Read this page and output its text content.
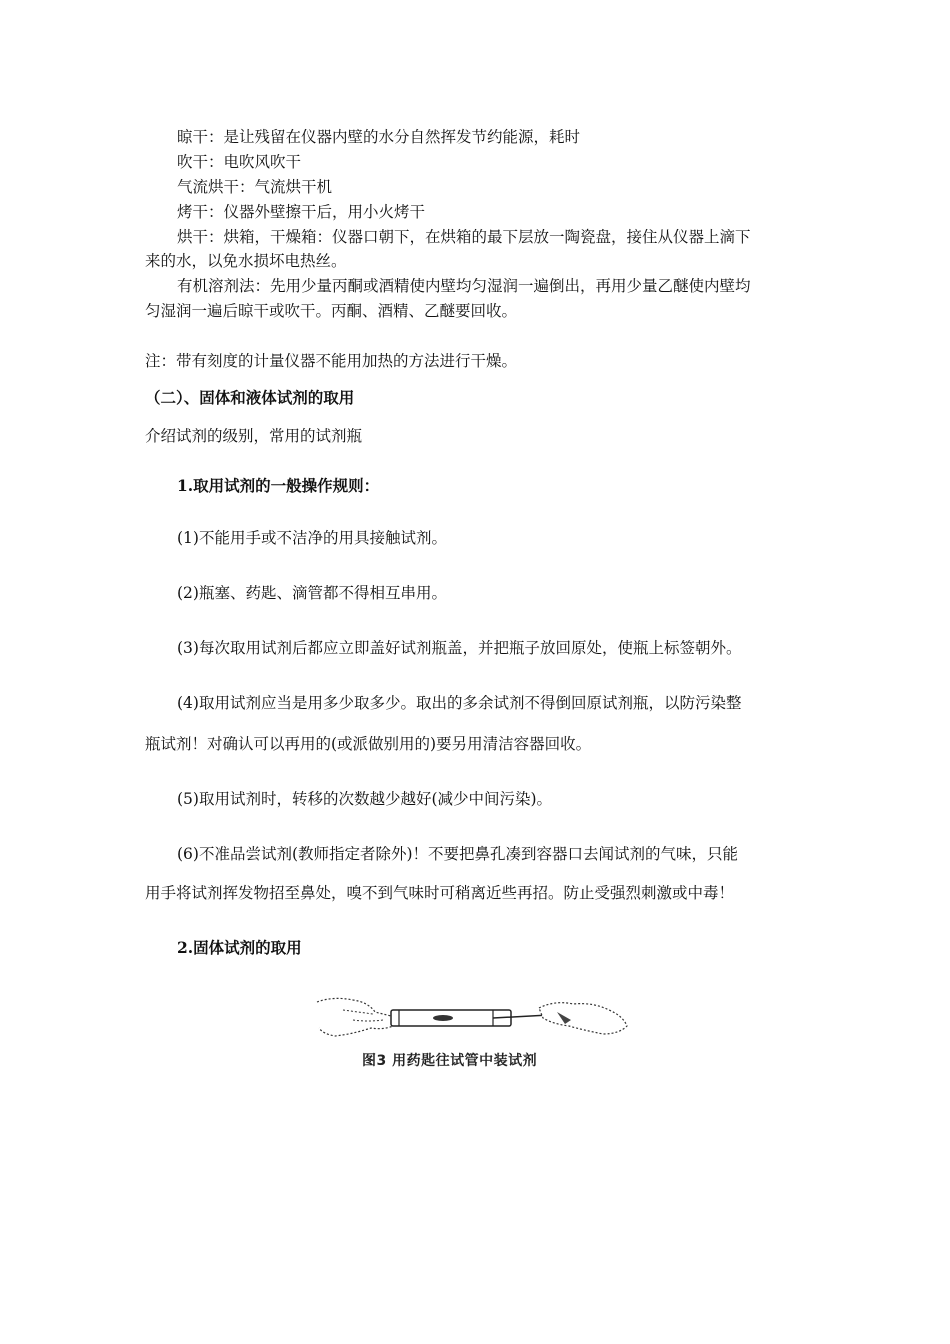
晾干：是让残留在仪器内壁的水分自然挥发节约能源，耗时
吹干：电吹风吹干
气流烘干：气流烘干机
烤干：仪器外壁擦干后，用小火烤干
烘干：烘箱，干燥箱：仪器口朝下，在烘箱的最下层放一陶瓷盘，接住从仪器上滴下
来的水，以免水损坏电热丝。
有机溶剂法：先用少量丙酮或酒精使内壁均匀湿润一遍倒出，再用少量乙醚使内壁均
匀湿润一遍后晾干或吹干。丙酮、酒精、乙醚要回收。
注：带有刻度的计量仪器不能用加热的方法进行干燥。
（二）、固体和液体试剂的取用
介绍试剂的级别，常用的试剂瓶
1.取用试剂的一般操作规则：
(1)不能用手或不洁净的用具接触试剂。
(2)瓶塞、药匙、滴管都不得相互串用。
(3)每次取用试剂后都应立即盖好试剂瓶盖，并把瓶子放回原处，使瓶上标签朝外。
(4)取用试剂应当是用多少取多少。取出的多余试剂不得倒回原试剂瓶，以防污染整
瓶试剂！对确认可以再用的(或派做别用的)要另用清洁容器回收。
(5)取用试剂时，转移的次数越少越好(减少中间污染)。
(6)不准品尝试剂(教师指定者除外)！不要把鼻孔凑到容器口去闻试剂的气味，只能
用手将试剂挥发物招至鼻处，嗅不到气味时可稍离近些再招。防止受强烈刺激或中毒！
2.固体试剂的取用
图3 用药匙往试管中装试剂
